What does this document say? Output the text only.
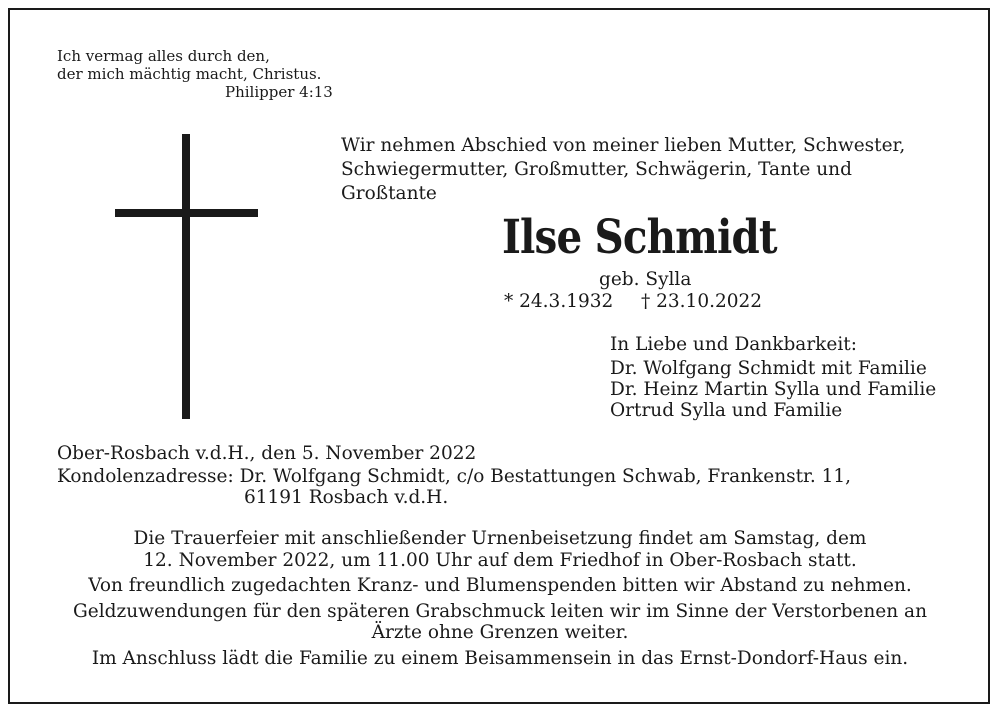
Ich vermag alles durch den,
der mich mächtig macht, Christus.
Philipper 4:13
Wir nehmen Abschied von meiner lieben Mutter, Schwester,
Schwiegermutter, Großmutter, Schwägerin, Tante und
Großtante
Ilse Schmidt
geb. Sylla
* 24.3.1932 † 23.10.2022
In Liebe und Dankbarkeit:
Dr. Wolfgang Schmidt mit Familie
Dr. Heinz Martin Sylla und Familie
Ortrud Sylla und Familie
Ober-Rosbach v.d.H., den 5. November 2022
Kondolenzadresse: Dr. Wolfgang Schmidt, c/o Bestattungen Schwab, Frankenstr. 11,
61191 Rosbach v.d.H.

Die Trauerfeier mit anschließender Urnenbeisetzung findet am Samstag, dem
12. November 2022, um 11.00 Uhr auf dem Friedhof in Ober-Rosbach statt.

Von freundlich zugedachten Kranz- und Blumenspenden bitten wir Abstand zu nehmen.

Geldzuwendungen für den späteren Grabschmuck leiten wir im Sinne der Verstorbenen an
Ärzte ohne Grenzen weiter.

Im Anschluss lädt die Familie zu einem Beisammensein in das Ernst-Dondorf-Haus ein.
